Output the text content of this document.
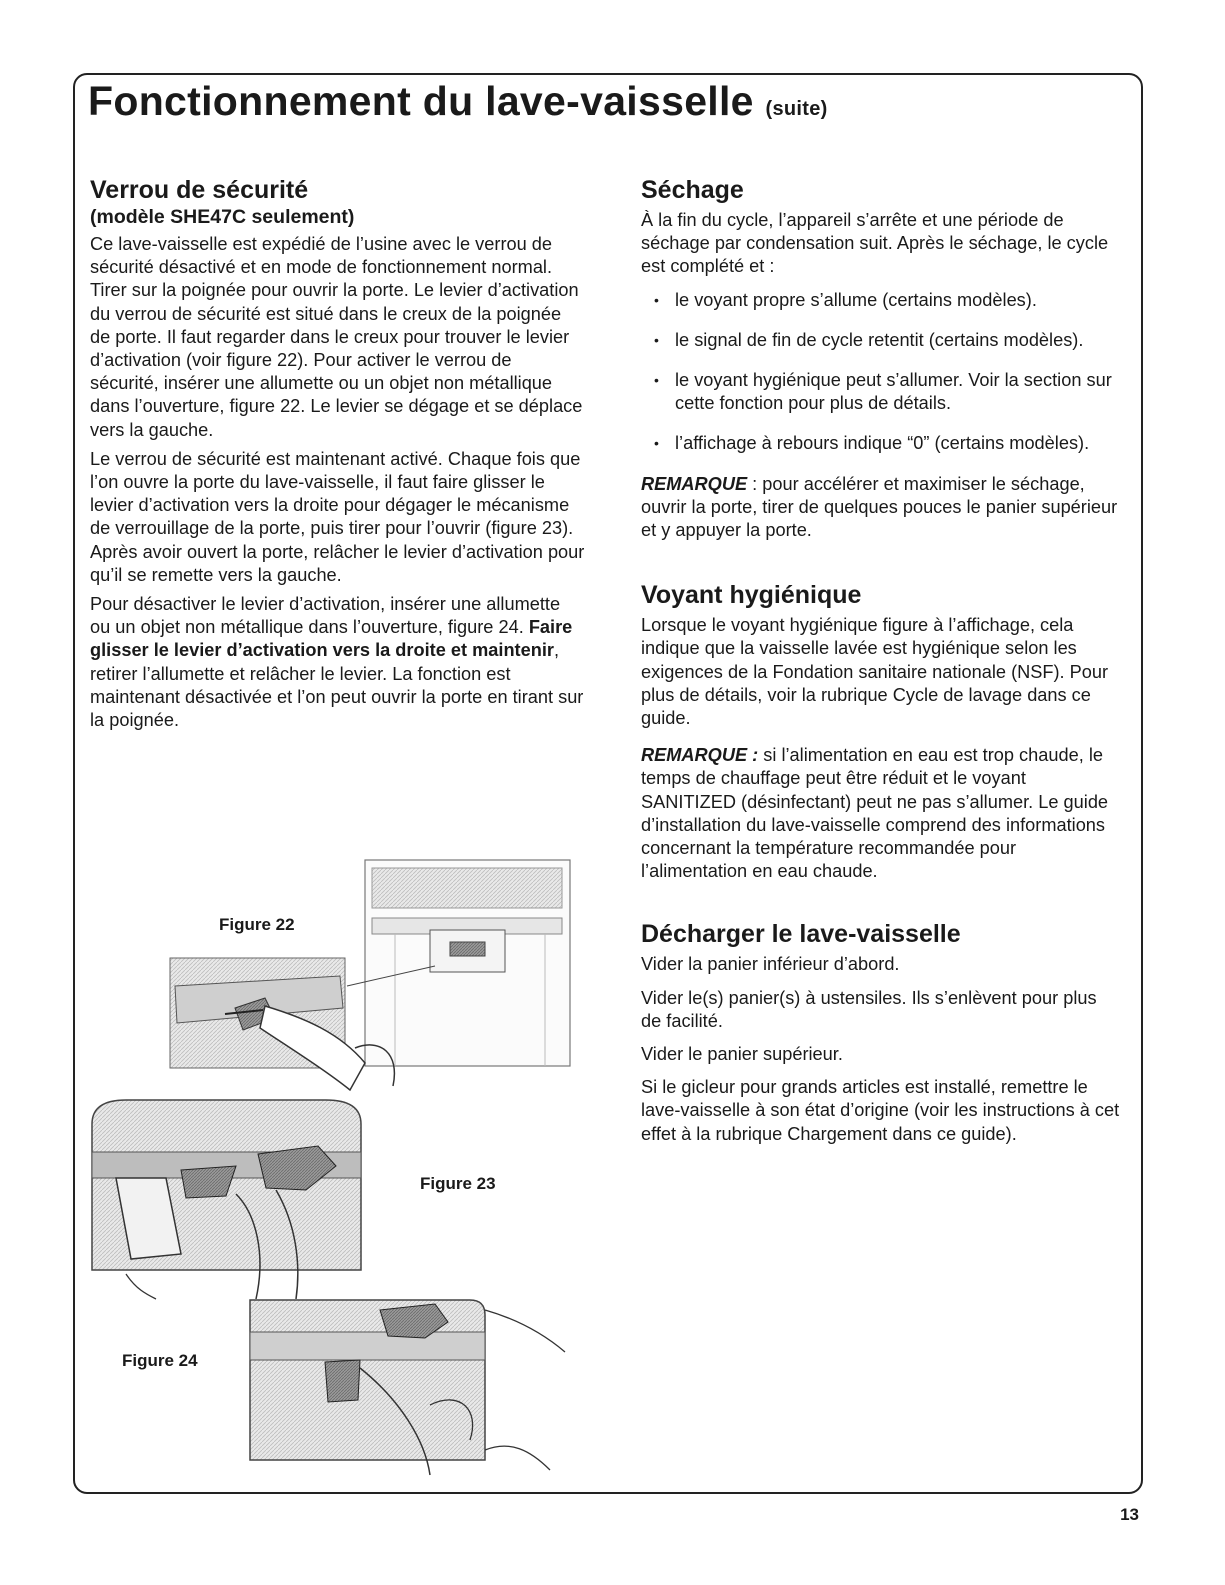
Fonctionnement du lave-vaisselle (suite)
Verrou de sécurité
(modèle SHE47C seulement)

Ce lave-vaisselle est expédié de l’usine avec le verrou de sécurité désactivé et en mode de fonctionnement normal. Tirer sur la poignée pour ouvrir la porte. Le levier d’activation du verrou de sécurité est situé dans le creux de la poignée de porte. Il faut regarder dans le creux pour trouver le levier d’activation (voir figure 22). Pour activer le verrou de sécurité, insérer une allumette ou un objet non métallique dans l’ouverture, figure 22. Le levier se dégage et se déplace vers la gauche.

Le verrou de sécurité est maintenant activé. Chaque fois que l’on ouvre la porte du lave-vaisselle, il faut faire glisser le levier d’activation vers la droite pour dégager le mécanisme de verrouillage de la porte, puis tirer pour l’ouvrir (figure 23). Après avoir ouvert la porte, relâcher le levier d’activation pour qu’il se remette vers la gauche.

Pour désactiver le levier d’activation, insérer une allumette ou un objet non métallique dans l’ouverture, figure 24. Faire glisser le levier d’activation vers la droite et maintenir, retirer l’allumette et relâcher le levier. La fonction est maintenant désactivée et l’on peut ouvrir la porte en tirant sur la poignée.

Figure 22
Figure 23
Figure 24
Séchage

À la fin du cycle, l’appareil s’arrête et une période de séchage par condensation suit. Après le séchage, le cycle est complété et :

• le voyant propre s’allume (certains modèles).
• le signal de fin de cycle retentit (certains modèles).
• le voyant hygiénique peut s’allumer. Voir la section sur cette fonction pour plus de détails.
• l’affichage à rebours indique “0” (certains modèles).

REMARQUE : pour accélérer et maximiser le séchage, ouvrir la porte, tirer de quelques pouces le panier supérieur et y appuyer la porte.

Voyant hygiénique

Lorsque le voyant hygiénique figure à l’affichage, cela indique que la vaisselle lavée est hygiénique selon les exigences de la Fondation sanitaire nationale (NSF). Pour plus de détails, voir la rubrique Cycle de lavage dans ce guide.

REMARQUE : si l’alimentation en eau est trop chaude, le temps de chauffage peut être réduit et le voyant SANITIZED (désinfectant) peut ne pas s’allumer. Le guide d’installation du lave-vaisselle comprend des informations concernant la température recommandée pour l’alimentation en eau chaude.

Décharger le lave-vaisselle

Vider la panier inférieur d’abord.

Vider le(s) panier(s) à ustensiles. Ils s’enlèvent pour plus de facilité.

Vider le panier supérieur.

Si le gicleur pour grands articles est installé, remettre le lave-vaisselle à son état d’origine (voir les instructions à cet effet à la rubrique Chargement dans ce guide).

13
